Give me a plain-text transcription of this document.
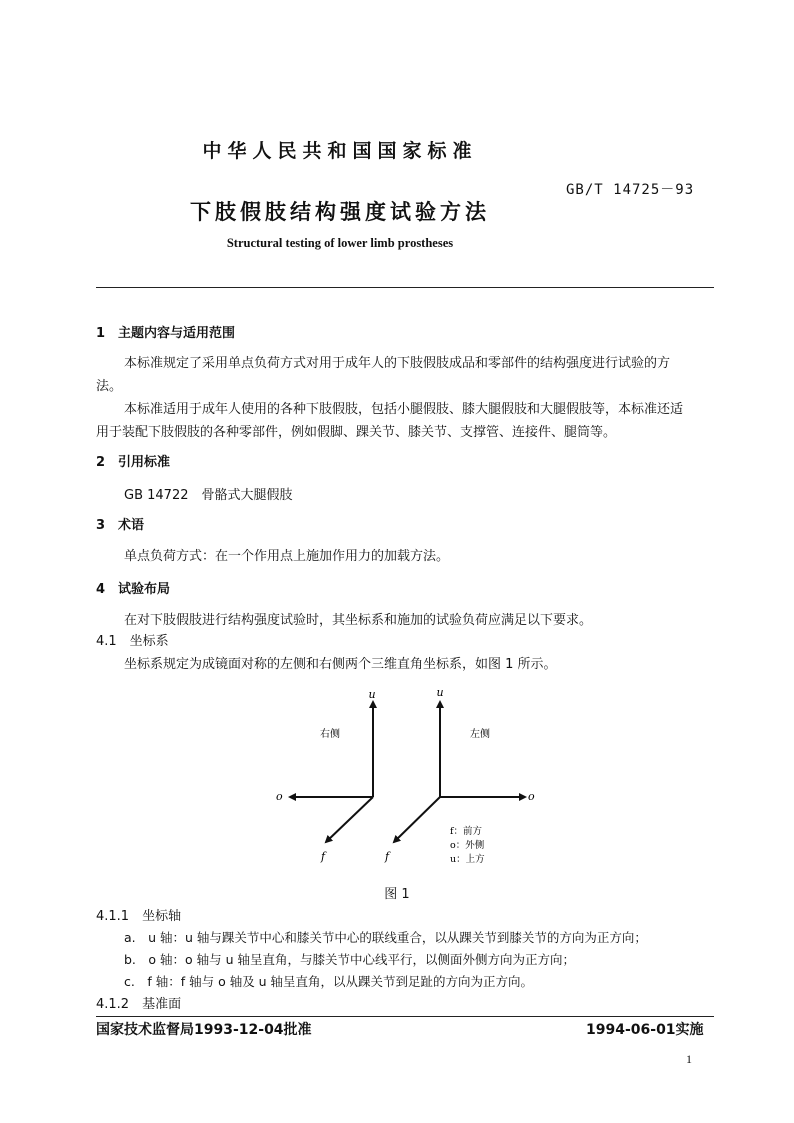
中华人民共和国国家标准
GB/T 14725－93
下肢假肢结构强度试验方法
Structural testing of lower limb prostheses
1　主题内容与适用范围
本标准规定了采用单点负荷方式对用于成年人的下肢假肢成品和零部件的结构强度进行试验的方
法。
本标准适用于成年人使用的各种下肢假肢，包括小腿假肢、膝大腿假肢和大腿假肢等，本标准还适
用于装配下肢假肢的各种零部件，例如假脚、踝关节、膝关节、支撑管、连接件、腿筒等。
2　引用标准
GB 14722　骨骼式大腿假肢
3　术语
单点负荷方式：在一个作用点上施加作用力的加载方法。
4　试验布局
在对下肢假肢进行结构强度试验时，其坐标系和施加的试验负荷应满足以下要求。
4.1　坐标系
坐标系规定为成镜面对称的左侧和右侧两个三维直角坐标系，如图 1 所示。
u	u
右侧	左侧
o	o
f	f
f：前方
o：外侧
u：上方
图 1
4.1.1　坐标轴
a.　u 轴：u 轴与踝关节中心和膝关节中心的联线重合，以从踝关节到膝关节的方向为正方向；
b.　o 轴：o 轴与 u 轴呈直角，与膝关节中心线平行，以侧面外侧方向为正方向；
c.　f 轴：f 轴与 o 轴及 u 轴呈直角，以从踝关节到足趾的方向为正方向。
4.1.2　基准面
国家技术监督局1993-12-04批准	1994-06-01实施
1
